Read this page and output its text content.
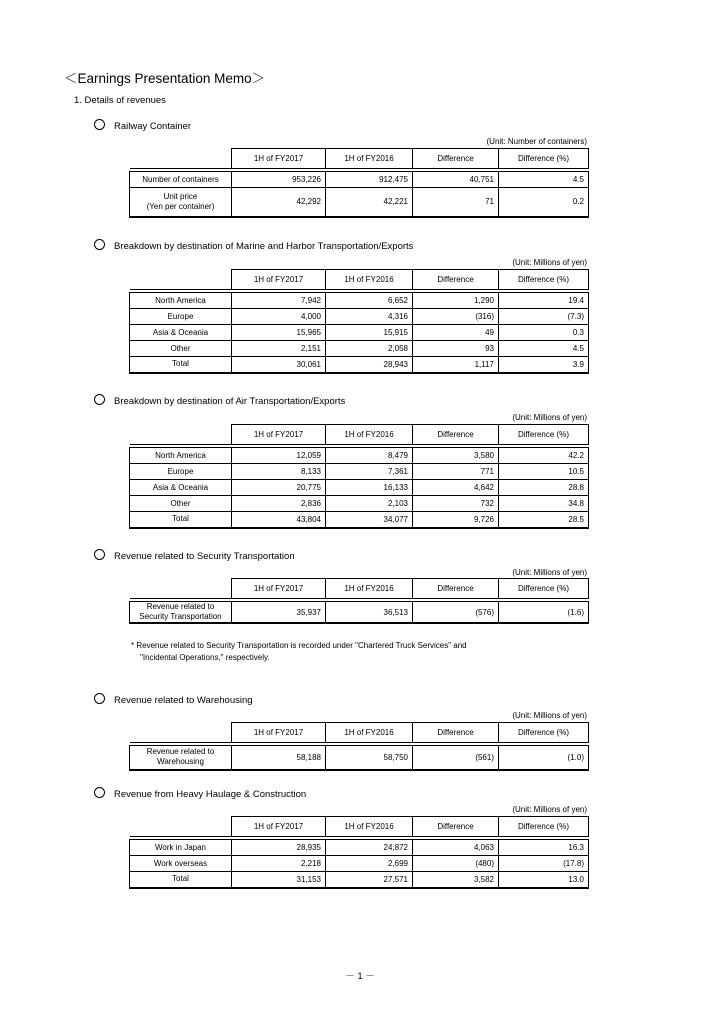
＜Earnings Presentation Memo＞
1. Details of revenues
Railway Container
(Unit: Number of containers)
	1H of FY2017	1H of FY2016	Difference	Difference (%)

Number of containers	953,226	912,475	40,751	4.5
Unit price
(Yen per container)	42,292	42,221	71	0.2
Breakdown by destination of Marine and Harbor Transportation/Exports
(Unit: Millions of yen)
	1H of FY2017	1H of FY2016	Difference	Difference (%)

North America	7,942	6,652	1,290	19.4
Europe	4,000	4,316	(316)	(7.3)
Asia & Oceania	15,965	15,915	49	0.3
Other	2,151	2,058	93	4.5
Total	30,061	28,943	1,117	3.9
Breakdown by destination of Air Transportation/Exports
(Unit: Millions of yen)
	1H of FY2017	1H of FY2016	Difference	Difference (%)

North America	12,059	8,479	3,580	42.2
Europe	8,133	7,361	771	10.5
Asia & Oceania	20,775	16,133	4,642	28.8
Other	2,836	2,103	732	34.8
Total	43,804	34,077	9,726	28.5
Revenue related to Security Transportation
(Unit: Millions of yen)
	1H of FY2017	1H of FY2016	Difference	Difference (%)

Revenue related to
Security Transportation	35,937	36,513	(576)	(1.6)
* Revenue related to Security Transportation is recorded under "Chartered Truck Services" and
"Incidental Operations," respectively.
Revenue related to Warehousing
(Unit: Millions of yen)
	1H of FY2017	1H of FY2016	Difference	Difference (%)

Revenue related to
Warehousing	58,188	58,750	(561)	(1.0)
Revenue from Heavy Haulage & Construction
(Unit: Millions of yen)
	1H of FY2017	1H of FY2016	Difference	Difference (%)

Work in Japan	28,935	24,872	4,063	16.3
Work overseas	2,218	2,699	(480)	(17.8)
Total	31,153	27,571	3,582	13.0
－ 1 －
